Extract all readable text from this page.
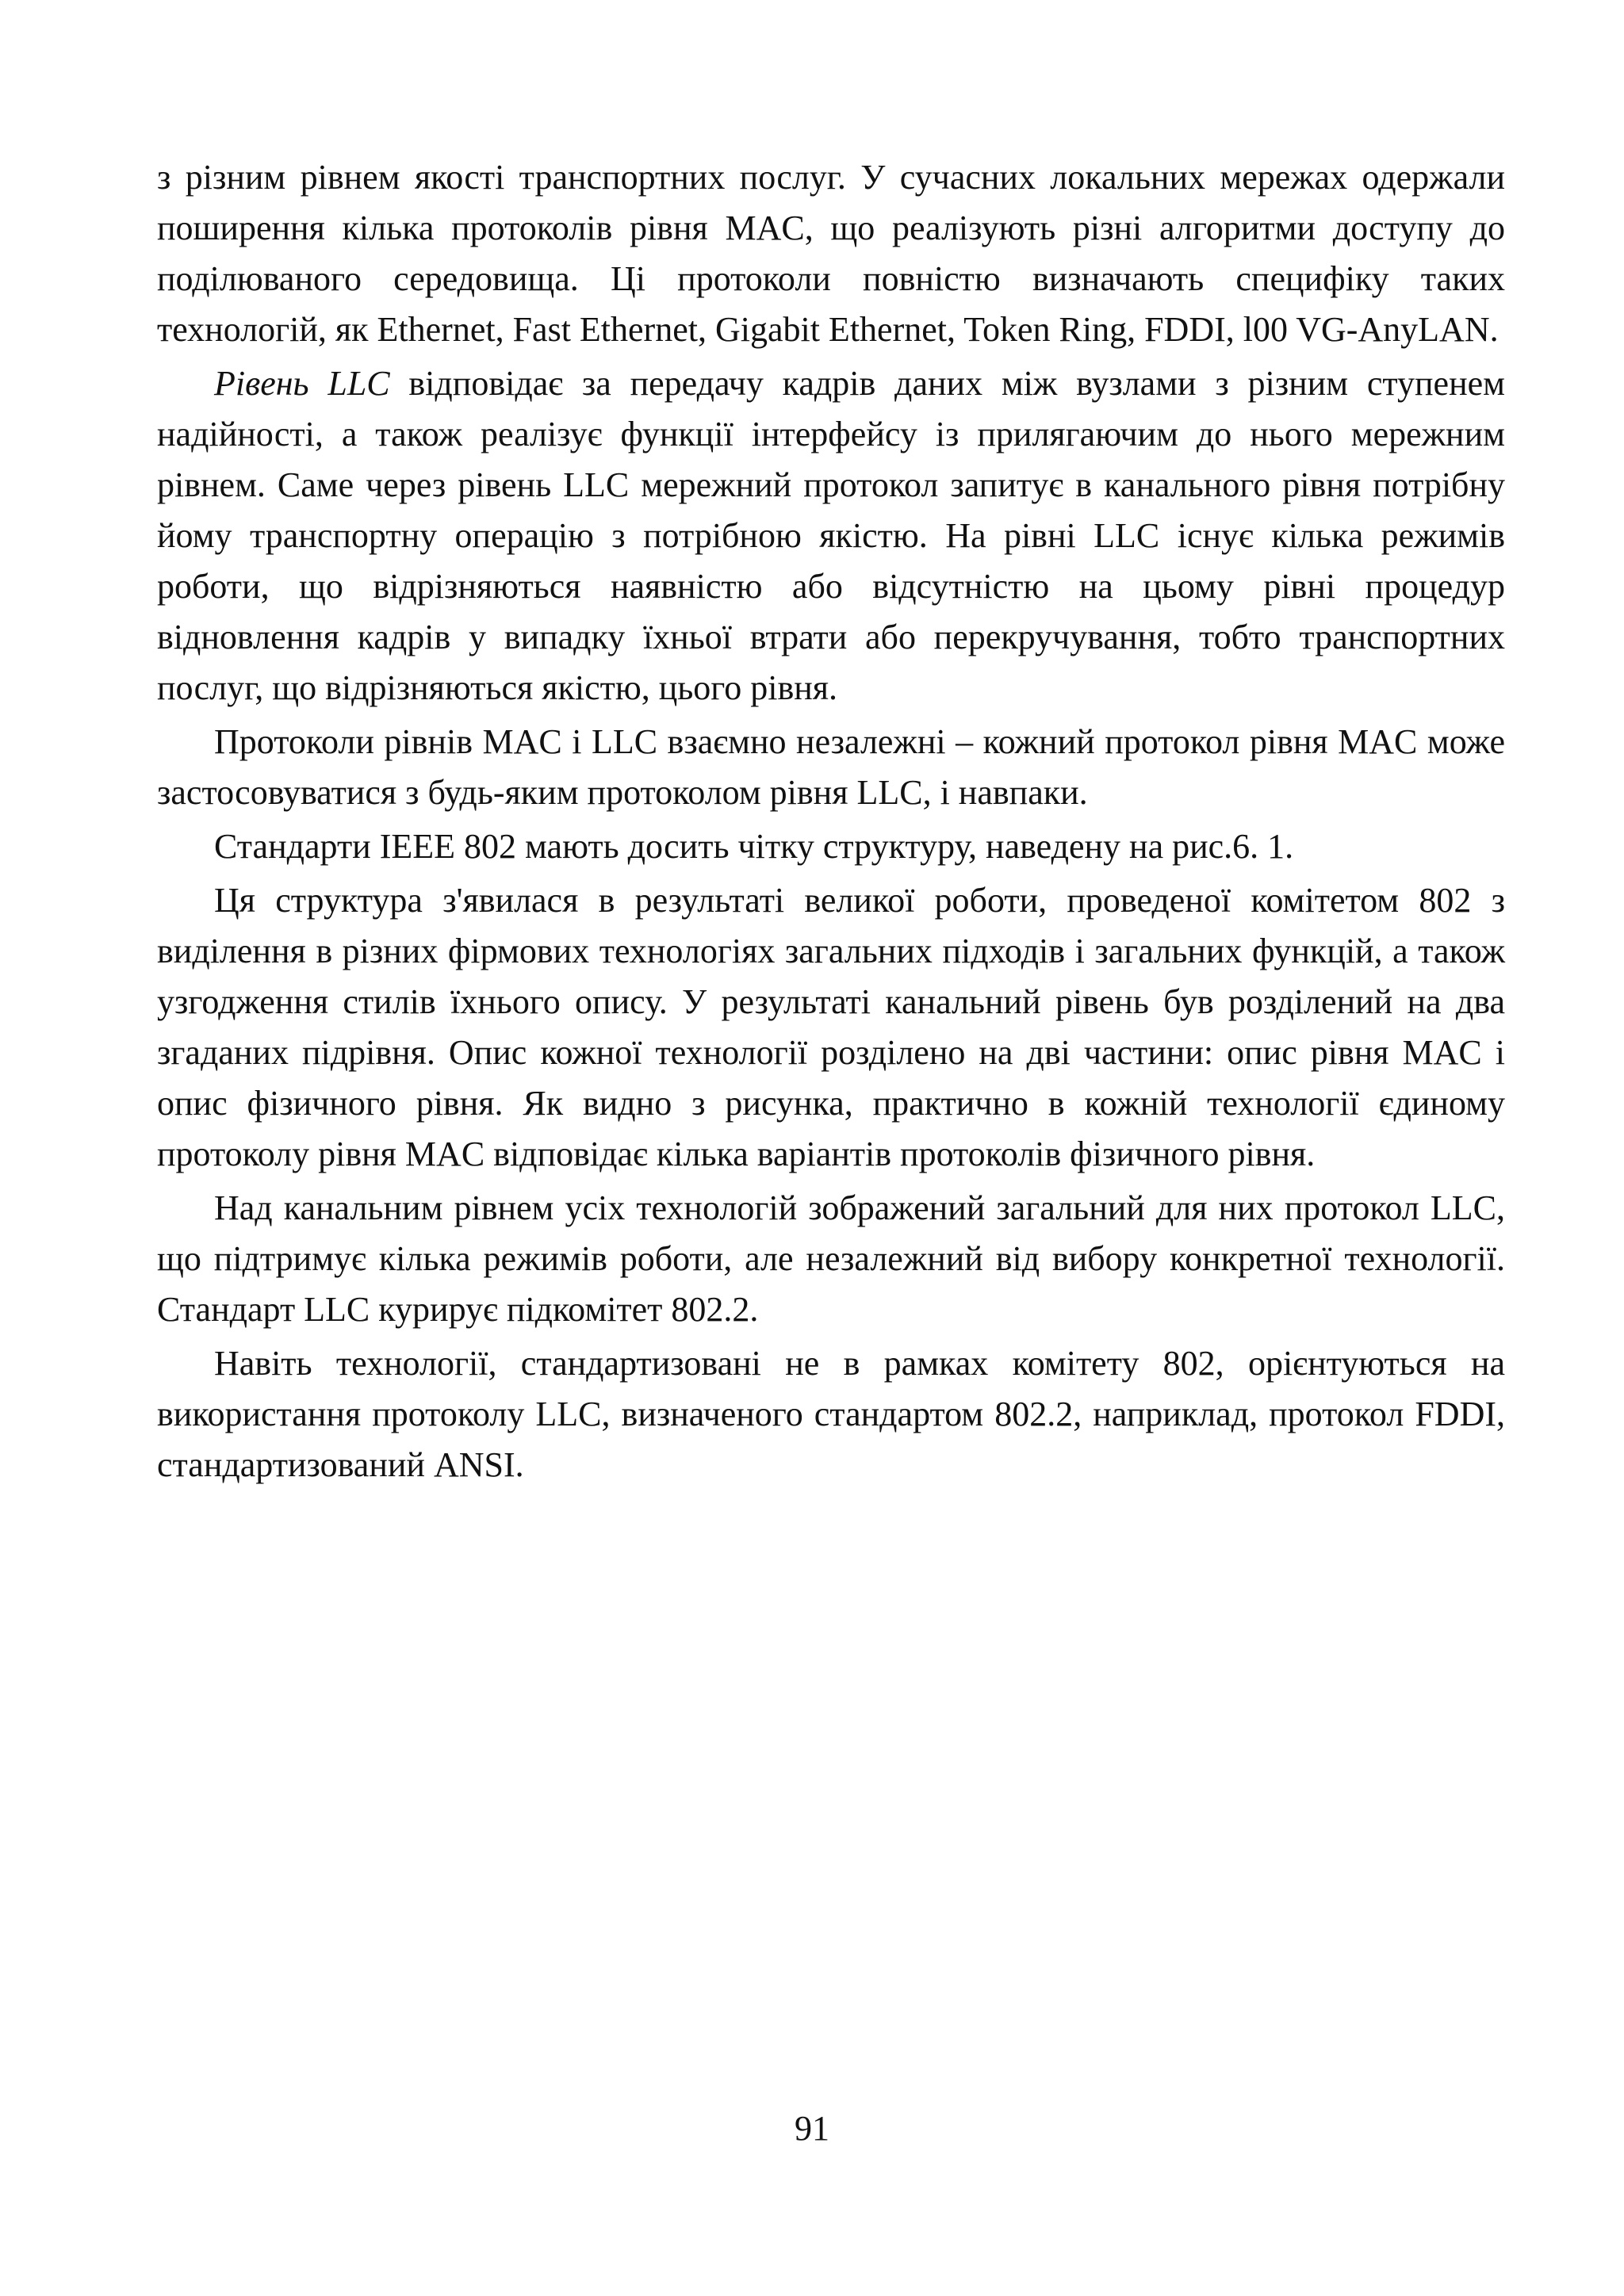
з різним рівнем якості транспортних послуг. У сучасних локальних мережах одержали поширення кілька протоколів рівня MAC, що реалізують різні алгоритми доступу до поділюваного середовища. Ці протоколи повністю визначають специфіку таких технологій, як Ethernet, Fast Ethernet, Gigabit Ethernet, Token Ring, FDDI, l00 VG-AnyLAN.

Рівень LLC відповідає за передачу кадрів даних між вузлами з різним ступенем надійності, а також реалізує функції інтерфейсу із прилягаючим до нього мережним рівнем. Саме через рівень LLC мережний протокол запитує в канального рівня потрібну йому транспортну операцію з потрібною якістю. На рівні LLC існує кілька режимів роботи, що відрізняються наявністю або відсутністю на цьому рівні процедур відновлення кадрів у випадку їхньої втрати або перекручування, тобто транспортних послуг, що відрізняються якістю, цього рівня.

Протоколи рівнів MAC і LLC взаємно незалежні – кожний протокол рівня MAC може застосовуватися з будь-яким протоколом рівня LLC, і навпаки.

Стандарти IEEE 802 мають досить чітку структуру, наведену на рис.6. 1.

Ця структура з'явилася в результаті великої роботи, проведеної комітетом 802 з виділення в різних фірмових технологіях загальних підходів і загальних функцій, а також узгодження стилів їхнього опису. У результаті канальний рівень був розділений на два згаданих підрівня. Опис кожної технології розділено на дві частини: опис рівня MAC і опис фізичного рівня. Як видно з рисунка, практично в кожній технології єдиному протоколу рівня MAC відповідає кілька варіантів протоколів фізичного рівня.

Над канальним рівнем усіх технологій зображений загальний для них протокол LLC, що підтримує кілька режимів роботи, але незалежний від вибору конкретної технології. Стандарт LLC курирує підкомітет 802.2.

Навіть технології, стандартизовані не в рамках комітету 802, орієнтуються на використання протоколу LLC, визначеного стандартом 802.2, наприклад, протокол FDDI, стандартизований ANSI.

91
